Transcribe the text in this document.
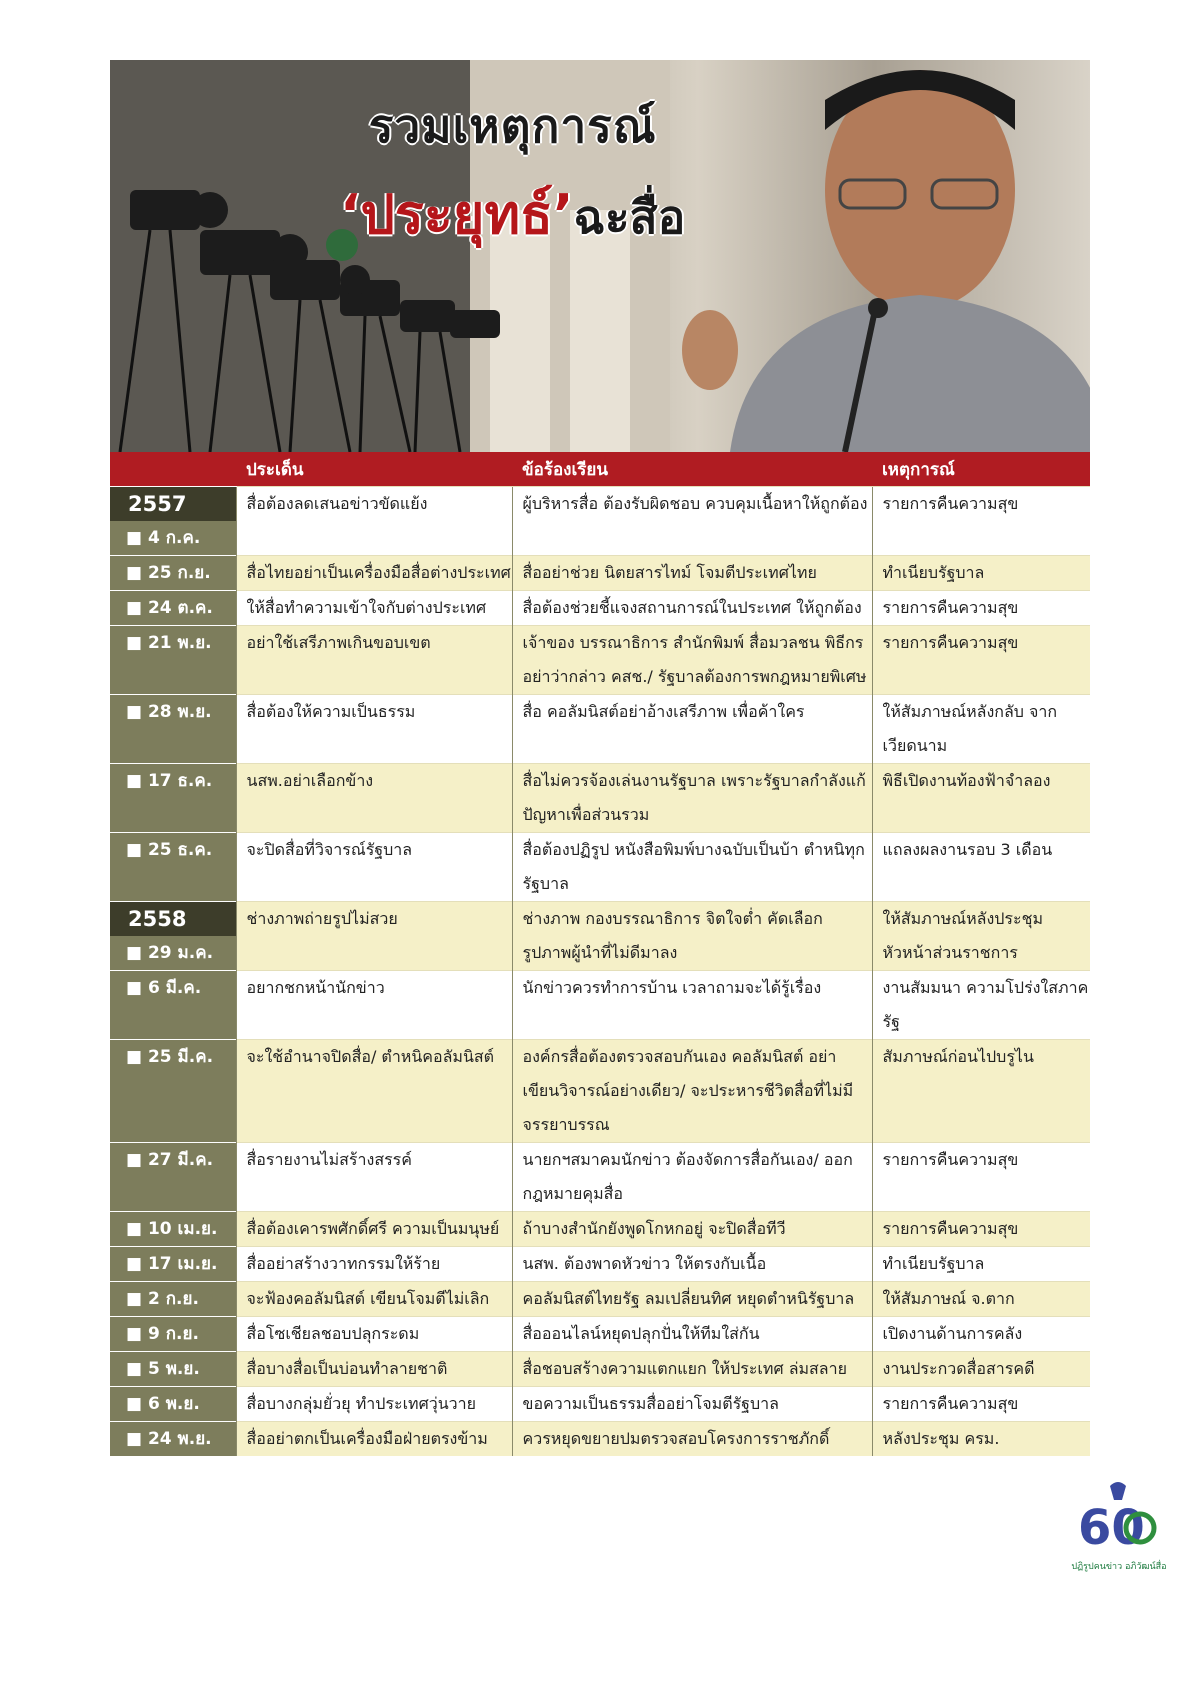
รวมเหตุการณ์
‘ประยุทธ์’ฉะสื่อ
	ประเด็น	ข้อร้องเรียน	เหตุการณ์

2557
■ 4 ก.ค.	สื่อต้องลดเสนอข่าวขัดแย้ง	ผู้บริหารสื่อ ต้องรับผิดชอบ ควบคุมเนื้อหาให้ถูกต้อง	รายการคืนความสุข

■ 25 ก.ย.	สื่อไทยอย่าเป็นเครื่องมือสื่อต่างประเทศ	สื่ออย่าช่วย นิตยสารไทม์ โจมตีประเทศไทย	ทำเนียบรัฐบาล

■ 24 ต.ค.	ให้สื่อทำความเข้าใจกับต่างประเทศ	สื่อต้องช่วยชี้แจงสถานการณ์ในประเทศ ให้ถูกต้อง	รายการคืนความสุข

■ 21 พ.ย.	อย่าใช้เสรีภาพเกินขอบเขต	เจ้าของ บรรณาธิการ สำนักพิมพ์ สื่อมวลชน พิธีกร อย่าว่ากล่าว คสช./ รัฐบาลต้องการพกฎหมายพิเศษ	รายการคืนความสุข

■ 28 พ.ย.	สื่อต้องให้ความเป็นธรรม	สื่อ คอลัมนิสต์อย่าอ้างเสรีภาพ เพื่อค้าใคร	ให้สัมภาษณ์หลังกลับ จากเวียดนาม

■ 17 ธ.ค.	นสพ.อย่าเลือกข้าง	สื่อไม่ควรจ้องเล่นงานรัฐบาล เพราะรัฐบาลกำลังแก้ปัญหาเพื่อส่วนรวม	พิธีเปิดงานท้องฟ้าจำลอง

■ 25 ธ.ค.	จะปิดสื่อที่วิจารณ์รัฐบาล	สื่อต้องปฏิรูป หนังสือพิมพ์บางฉบับเป็นบ้า ตำหนิทุกรัฐบาล	แถลงผลงานรอบ 3 เดือน

2558
■ 29 ม.ค.	ช่างภาพถ่ายรูปไม่สวย	ช่างภาพ กองบรรณาธิการ จิตใจต่ำ คัดเลือกรูปภาพผู้นำที่ไม่ดีมาลง	ให้สัมภาษณ์หลังประชุม หัวหน้าส่วนราชการ

■ 6 มี.ค.	อยากชกหน้านักข่าว	นักข่าวควรทำการบ้าน เวลาถามจะได้รู้เรื่อง	งานสัมมนา ความโปร่งใสภาครัฐ

■ 25 มี.ค.	จะใช้อำนาจปิดสื่อ/ ตำหนิคอลัมนิสต์	องค์กรสื่อต้องตรวจสอบกันเอง คอลัมนิสต์ อย่าเขียนวิจารณ์อย่างเดียว/ จะประหารชีวิตสื่อที่ไม่มีจรรยาบรรณ	สัมภาษณ์ก่อนไปบรูไน

■ 27 มี.ค.	สื่อรายงานไม่สร้างสรรค์	นายกฯสมาคมนักข่าว ต้องจัดการสื่อกันเอง/ ออกกฎหมายคุมสื่อ	รายการคืนความสุข

■ 10 เม.ย.	สื่อต้องเคารพศักดิ์ศรี ความเป็นมนุษย์	ถ้าบางสำนักยังพูดโกหกอยู่ จะปิดสื่อทีวี	รายการคืนความสุข

■ 17 เม.ย.	สื่ออย่าสร้างวาทกรรมให้ร้าย	นสพ. ต้องพาดหัวข่าว ให้ตรงกับเนื้อ	ทำเนียบรัฐบาล

■ 2 ก.ย.	จะฟ้องคอลัมนิสต์ เขียนโจมตีไม่เลิก	คอลัมนิสต์ไทยรัฐ ลมเปลี่ยนทิศ หยุดตำหนิรัฐบาล	ให้สัมภาษณ์ จ.ตาก

■ 9 ก.ย.	สื่อโซเชียลชอบปลุกระดม	สื่อออนไลน์หยุดปลุกปั่นให้ทีมใส่กัน	เปิดงานด้านการคลัง

■ 5 พ.ย.	สื่อบางสื่อเป็นบ่อนทำลายชาติ	สื่อชอบสร้างความแตกแยก ให้ประเทศ ล่มสลาย	งานประกวดสื่อสารคดี

■ 6 พ.ย.	สื่อบางกลุ่มยั่วยุ ทำประเทศวุ่นวาย	ขอความเป็นธรรมสื่ออย่าโจมตีรัฐบาล	รายการคืนความสุข

■ 24 พ.ย.	สื่ออย่าตกเป็นเครื่องมือฝ่ายตรงข้าม	ควรหยุดขยายปมตรวจสอบโครงการราชภักดิ์	หลังประชุม ครม.
60
ปฏิรูปคนข่าว อภิวัฒน์สื่อ
